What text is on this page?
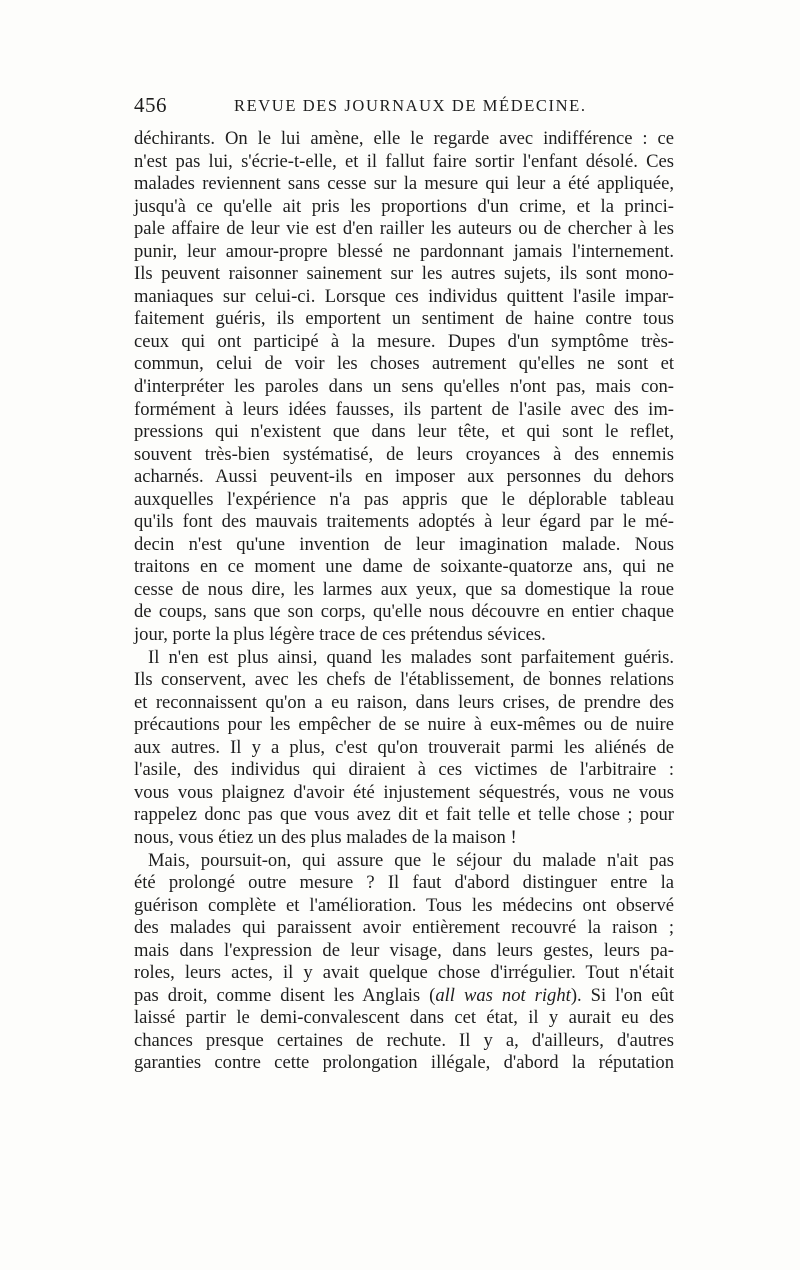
456	REVUE DES JOURNAUX DE MÉDECINE.
déchirants. On le lui amène, elle le regarde avec indifférence : ce
n'est pas lui, s'écrie-t-elle, et il fallut faire sortir l'enfant désolé. Ces
malades reviennent sans cesse sur la mesure qui leur a été appliquée,
jusqu'à ce qu'elle ait pris les proportions d'un crime, et la princi-
pale affaire de leur vie est d'en railler les auteurs ou de chercher à les
punir, leur amour-propre blessé ne pardonnant jamais l'internement.
Ils peuvent raisonner sainement sur les autres sujets, ils sont mono-
maniaques sur celui-ci. Lorsque ces individus quittent l'asile impar-
faitement guéris, ils emportent un sentiment de haine contre tous
ceux qui ont participé à la mesure. Dupes d'un symptôme très-
commun, celui de voir les choses autrement qu'elles ne sont et
d'interpréter les paroles dans un sens qu'elles n'ont pas, mais con-
formément à leurs idées fausses, ils partent de l'asile avec des im-
pressions qui n'existent que dans leur tête, et qui sont le reflet,
souvent très-bien systématisé, de leurs croyances à des ennemis
acharnés. Aussi peuvent-ils en imposer aux personnes du dehors
auxquelles l'expérience n'a pas appris que le déplorable tableau
qu'ils font des mauvais traitements adoptés à leur égard par le mé-
decin n'est qu'une invention de leur imagination malade. Nous
traitons en ce moment une dame de soixante-quatorze ans, qui ne
cesse de nous dire, les larmes aux yeux, que sa domestique la roue
de coups, sans que son corps, qu'elle nous découvre en entier chaque
jour, porte la plus légère trace de ces prétendus sévices.
Il n'en est plus ainsi, quand les malades sont parfaitement guéris.
Ils conservent, avec les chefs de l'établissement, de bonnes relations
et reconnaissent qu'on a eu raison, dans leurs crises, de prendre des
précautions pour les empêcher de se nuire à eux-mêmes ou de nuire
aux autres. Il y a plus, c'est qu'on trouverait parmi les aliénés de
l'asile, des individus qui diraient à ces victimes de l'arbitraire :
vous vous plaignez d'avoir été injustement séquestrés, vous ne vous
rappelez donc pas que vous avez dit et fait telle et telle chose ; pour
nous, vous étiez un des plus malades de la maison !
Mais, poursuit-on, qui assure que le séjour du malade n'ait pas
été prolongé outre mesure ? Il faut d'abord distinguer entre la
guérison complète et l'amélioration. Tous les médecins ont observé
des malades qui paraissent avoir entièrement recouvré la raison ;
mais dans l'expression de leur visage, dans leurs gestes, leurs pa-
roles, leurs actes, il y avait quelque chose d'irrégulier. Tout n'était
pas droit, comme disent les Anglais (all was not right). Si l'on eût
laissé partir le demi-convalescent dans cet état, il y aurait eu des
chances presque certaines de rechute. Il y a, d'ailleurs, d'autres
garanties contre cette prolongation illégale, d'abord la réputation
